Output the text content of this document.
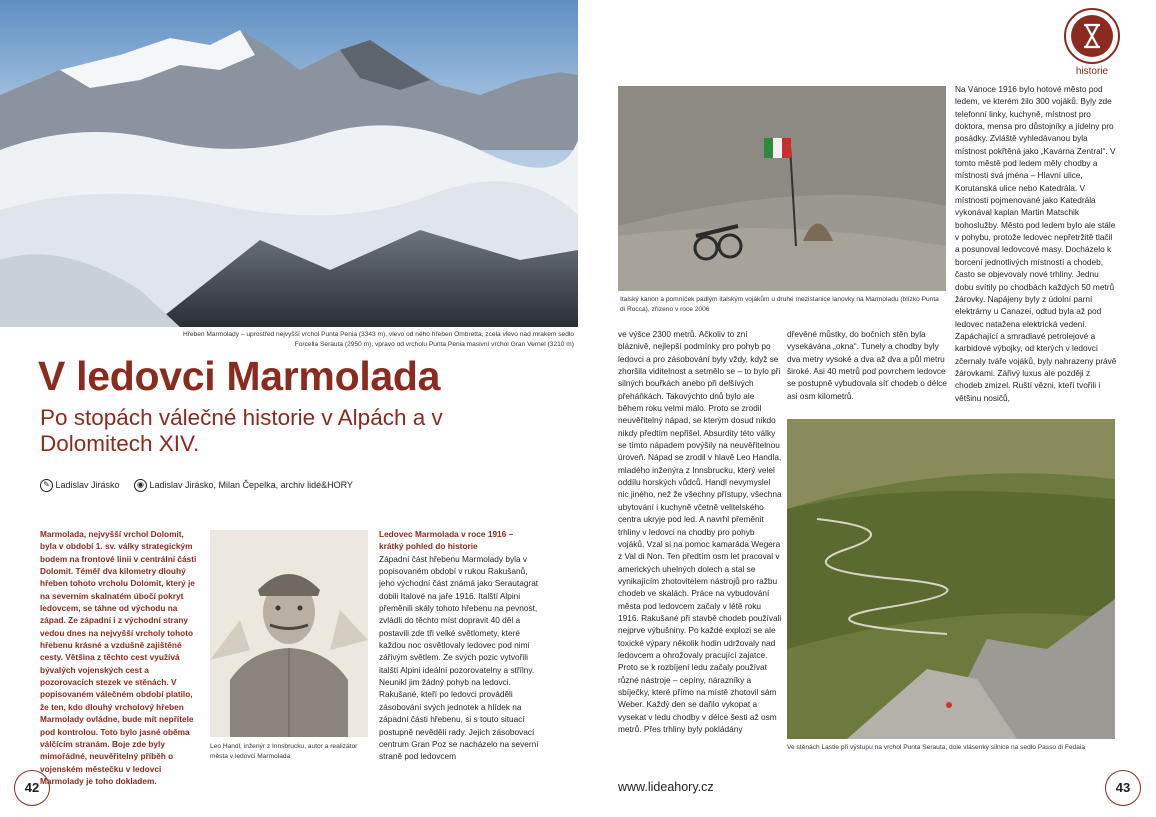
Hřeben Marmolady – uprostřed nejvyšší vrchol Punta Penia (3343 m), vlevo od něho hřeben Ombretta, zcela vlevo nad mrakem sedlo Forcella Serauta (2950 m), vpravo od vrcholu Punta Penia masivní vrchol Gran Vernel (3210 m)
V ledovci Marmolada
Po stopách válečné historie v Alpách a v Dolomitech XIV.
✎ Ladislav Jirásko	◉ Ladislav Jirásko, Milan Čepelka, archiv lidé&HORY
Marmolada, nejvyšší vrchol Dolomit, byla v období 1. sv. války strategickým bodem na frontové linii v centrální části Dolomit. Téměř dva kilometry dlouhý hřeben tohoto vrcholu Dolomit, který je na severním skalnatém úbočí pokryt ledovcem, se táhne od východu na západ. Ze západní i z východní strany vedou dnes na nejvyšší vrcholy tohoto hřebenu krásné a vzdušně zajištěné cesty. Většina z těchto cest využívá bývalých vojenských cest a pozorovacích stezek ve stěnách. V popisovaném válečném období platilo, že ten, kdo dlouhý vrcholový hřeben Marmolady ovládne, bude mít nepřítele pod kontrolou. Toto bylo jasné oběma válčícím stranám. Boje zde byly mimořádné, neuvěřitelný příběh o vojenském městečku v ledovci Marmolady je toho dokladem.
Leo Handl, inženýr z Innsbrucku, autor a realizátor města v ledovci Marmolada
Ledovec Marmolada v roce 1916 – krátký pohled do historie
Západní část hřebenu Marmolady byla v popisovaném období v rukou Rakušanů, jeho východní část známá jako Serautagrat dobili Italové na jaře 1916. Italští Alpini přeměnili skály tohoto hřebenu na pevnost, zvládli do těchto míst dopravit 40 děl a postavili zde tři velké světlomety, které každou noc osvětlovaly ledovec pod nimi zářivým světlem. Ze svých pozic vytvořili italští Alpini ideální pozorovatelny a střílny. Neunikl jim žádný pohyb na ledovci. Rakušané, kteří po ledovci prováděli zásobování svých jednotek a hlídek na západní části hřebenu, si s touto situací postupně nevěděli rady. Jejich zásobovací centrum Gran Poz se nacházelo na severní straně pod ledovcem
42
historie
Italský kanon a pomníček padlým italským vojákům u druhé mezistanice lanovky na Marmoladu (blízko Punta di Rocca), zřízeno v roce 2006
ve výšce 2300 metrů. Ačkoliv to zní bláznivě, nejlepší podmínky pro pohyb po ledovci a pro zásobování byly vždy, když se zhoršila viditelnost a setmělo se – to bylo při silných bouřkách anebo při delšívých přeháňkách. Takovýchto dnů bylo ale během roku velmi málo. Proto se zrodil neuvěřitelný nápad, se kterým dosud nikdo nikdy předtím nepřišel. Absurdity této války se tímto nápadem povýšily na neuvěřitelnou úroveň. Nápad se zrodil v hlavě Leo Handla, mladého inženýra z Innsbrucku, který velel oddílu horských vůdců. Handl nevymyslel nic jiného, než že všechny přístupy, všechna ubytování i kuchyně včetně velitelského centra ukryje pod led. A navrhl přeměnit trhliny v ledovci na chodby pro pohyb vojáků. Vzal si na pomoc kamaráda Wegera z Val di Non. Ten předtím osm let pracoval v amerických uhelných dolech a stal se vynikajícím zhotovitelem nástrojů pro ražbu chodeb ve skalách. Práce na vybudování města pod ledovcem začaly v létě roku 1916. Rakušané při stavbě chodeb používali nejprve výbušniny. Po každé explozi se ale toxické výpary několik hodin udržovaly nad ledovcem a ohrožovaly pracující zajatce. Proto se k rozbíjení ledu začaly používat různé nástroje – cepíny, nárazníky a sbíječky, které přímo na místě zhotovil sám Weber. Každý den se dařilo vykopat a vysekat v ledu chodby v délce šesti až osm metrů. Přes trhliny byly pokládány
dřevěné můstky, do bočních stěn byla vysekávána „okna“. Tunely a chodby byly dva metry vysoké a dva až dva a půl metru široké. Asi 40 metrů pod povrchem ledovce se postupně vybudovala síť chodeb o délce asi osm kilometrů.
Na Vánoce 1916 bylo hotové město pod ledem, ve kterém žilo 300 vojáků. Byly zde telefonní linky, kuchyně, místnost pro doktora, mensa pro důstojníky a jídelny pro posádky. Zvláště vyhledávanou byla místnost pokřtěná jako „Kavárna Zentral“. V tomto městě pod ledem měly chodby a místnosti svá jména – Hlavní ulice, Korutanská ulice nebo Katedrála. V místnosti pojmenované jako Katedrála vykonával kaplan Martin Matschik bohoslužby. Město pod ledem bylo ale stále v pohybu, protože ledovec nepřetržitě tlačil a posunoval ledovcové masy. Docházelo k borcení jednotlivých místností a chodeb, často se objevovaly nové trhliny. Jednu dobu svítily po chodbách každých 50 metrů žárovky. Napájeny byly z údolní parní elektrárny u Canazei, odtud byla až pod ledovec natažena elektrická vedení. Zapáchající a smradlavé petrolejové a karbidové výbojky, od kterých v ledovci zčernaly tváře vojáků, byly nahrazeny právě žárovkami. Zářivý luxus ale později z chodeb zmizel. Ruští vězni, kteří tvořili i většinu nosičů,
Ve stěnách Lastie při výstupu na vrchol Punta Serauta, dole vlásenky silnice na sedlo Passo di Fedaia
www.lideahory.cz	43
